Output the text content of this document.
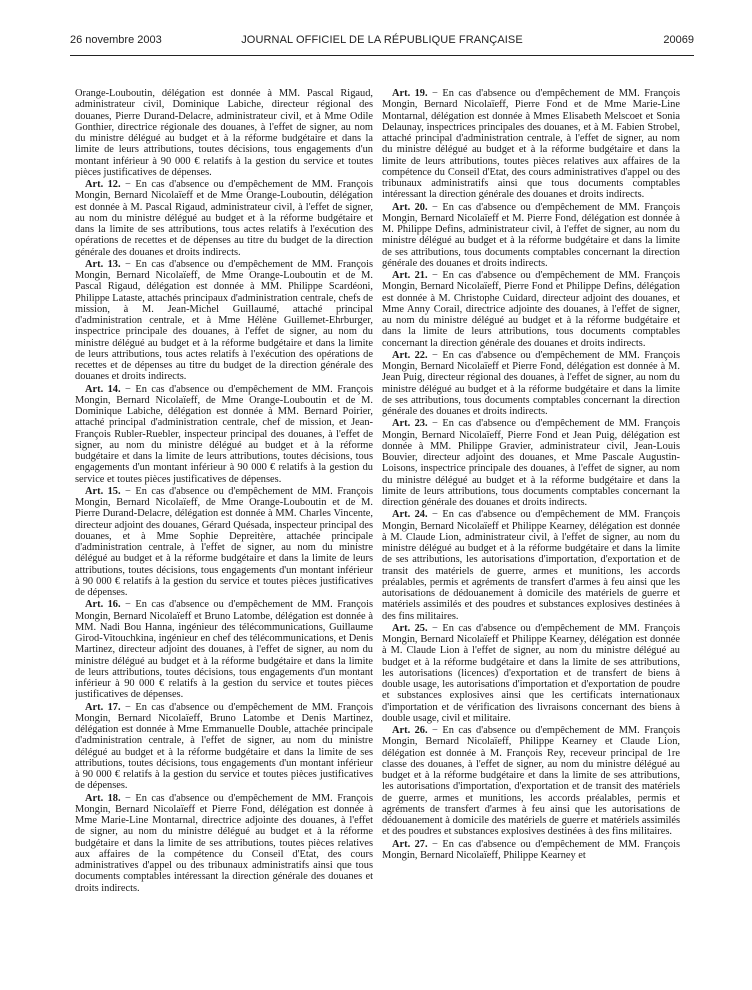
26 novembre 2003	JOURNAL OFFICIEL DE LA RÉPUBLIQUE FRANÇAISE	20069

Orange-Louboutin, délégation est donnée à MM. Pascal Rigaud, administrateur civil, Dominique Labiche, directeur régional des douanes, Pierre Durand-Delacre, administrateur civil, et à Mme Odile Gonthier, directrice régionale des douanes, à l'effet de signer, au nom du ministre délégué au budget et à la réforme budgétaire et dans la limite de leurs attributions, toutes décisions, tous engagements d'un montant inférieur à 90 000 € relatifs à la gestion du service et toutes pièces justificatives de dépenses.

Art. 12. − En cas d'absence ou d'empêchement de MM. François Mongin, Bernard Nicolaïeff et de Mme Orange-Louboutin, délégation est donnée à M. Pascal Rigaud, administrateur civil, à l'effet de signer, au nom du ministre délégué au budget et à la réforme budgétaire et dans la limite de ses attributions, tous actes relatifs à l'exécution des opérations de recettes et de dépenses au titre du budget de la direction générale des douanes et droits indirects.

Art. 13. − En cas d'absence ou d'empêchement de MM. François Mongin, Bernard Nicolaïeff, de Mme Orange-Louboutin et de M. Pascal Rigaud, délégation est donnée à MM. Philippe Scardéoni, Philippe Lataste, attachés principaux d'administration centrale, chefs de mission, à M. Jean-Michel Guillaumé, attaché principal d'administration centrale, et à Mme Hélène Guillemet-Ehrburger, inspectrice principale des douanes, à l'effet de signer, au nom du ministre délégué au budget et à la réforme budgétaire et dans la limite de leurs attributions, tous actes relatifs à l'exécution des opérations de recettes et de dépenses au titre du budget de la direction générale des douanes et droits indirects.

Art. 14. − En cas d'absence ou d'empêchement de MM. François Mongin, Bernard Nicolaïeff, de Mme Orange-Louboutin et de M. Dominique Labiche, délégation est donnée à MM. Bernard Poirier, attaché principal d'administration centrale, chef de mission, et Jean-François Rubler-Ruebler, inspecteur principal des douanes, à l'effet de signer, au nom du ministre délégué au budget et à la réforme budgétaire et dans la limite de leurs attributions, toutes décisions, tous engagements d'un montant inférieur à 90 000 € relatifs à la gestion du service et toutes pièces justificatives de dépenses.

Art. 15. − En cas d'absence ou d'empêchement de MM. François Mongin, Bernard Nicolaïeff, de Mme Orange-Louboutin et de M. Pierre Durand-Delacre, délégation est donnée à MM. Charles Vincente, directeur adjoint des douanes, Gérard Quésada, inspecteur principal des douanes, et à Mme Sophie Depreitère, attachée principale d'administration centrale, à l'effet de signer, au nom du ministre délégué au budget et à la réforme budgétaire et dans la limite de leurs attributions, toutes décisions, tous engagements d'un montant inférieur à 90 000 € relatifs à la gestion du service et toutes pièces justificatives de dépenses.

Art. 16. − En cas d'absence ou d'empêchement de MM. François Mongin, Bernard Nicolaïeff et Bruno Latombe, délégation est donnée à MM. Nadi Bou Hanna, ingénieur des télécommunications, Guillaume Girod-Vitouchkina, ingénieur en chef des télécommunications, et Denis Martinez, directeur adjoint des douanes, à l'effet de signer, au nom du ministre délégué au budget et à la réforme budgétaire et dans la limite de leurs attributions, toutes décisions, tous engagements d'un montant inférieur à 90 000 € relatifs à la gestion du service et toutes pièces justificatives de dépenses.

Art. 17. − En cas d'absence ou d'empêchement de MM. François Mongin, Bernard Nicolaïeff, Bruno Latombe et Denis Martinez, délégation est donnée à Mme Emmanuelle Double, attachée principale d'administration centrale, à l'effet de signer, au nom du ministre délégué au budget et à la réforme budgétaire et dans la limite de ses attributions, toutes décisions, tous engagements d'un montant inférieur à 90 000 € relatifs à la gestion du service et toutes pièces justificatives de dépenses.

Art. 18. − En cas d'absence ou d'empêchement de MM. François Mongin, Bernard Nicolaïeff et Pierre Fond, délégation est donnée à Mme Marie-Line Montarnal, directrice adjointe des douanes, à l'effet de signer, au nom du ministre délégué au budget et à la réforme budgétaire et dans la limite de ses attributions, toutes pièces relatives aux affaires de la compétence du Conseil d'Etat, des cours administratives d'appel ou des tribunaux administratifs ainsi que tous documents comptables intéressant la direction générale des douanes et droits indirects.

Art. 19. − En cas d'absence ou d'empêchement de MM. François Mongin, Bernard Nicolaïeff, Pierre Fond et de Mme Marie-Line Montarnal, délégation est donnée à Mmes Elisabeth Melscoet et Sonia Delaunay, inspectrices principales des douanes, et à M. Fabien Strobel, attaché principal d'administration centrale, à l'effet de signer, au nom du ministre délégué au budget et à la réforme budgétaire et dans la limite de leurs attributions, toutes pièces relatives aux affaires de la compétence du Conseil d'Etat, des cours administratives d'appel ou des tribunaux administratifs ainsi que tous documents comptables intéressant la direction générale des douanes et droits indirects.

Art. 20. − En cas d'absence ou d'empêchement de MM. François Mongin, Bernard Nicolaïeff et M. Pierre Fond, délégation est donnée à M. Philippe Defins, administrateur civil, à l'effet de signer, au nom du ministre délégué au budget et à la réforme budgétaire et dans la limite de ses attributions, tous documents comptables concernant la direction générale des douanes et droits indirects.

Art. 21. − En cas d'absence ou d'empêchement de MM. François Mongin, Bernard Nicolaïeff, Pierre Fond et Philippe Defins, délégation est donnée à M. Christophe Cuidard, directeur adjoint des douanes, et Mme Anny Corail, directrice adjointe des douanes, à l'effet de signer, au nom du ministre délégué au budget et à la réforme budgétaire et dans la limite de leurs attributions, tous documents comptables concernant la direction générale des douanes et droits indirects.

Art. 22. − En cas d'absence ou d'empêchement de MM. François Mongin, Bernard Nicolaïeff et Pierre Fond, délégation est donnée à M. Jean Puig, directeur régional des douanes, à l'effet de signer, au nom du ministre délégué au budget et à la réforme budgétaire et dans la limite de ses attributions, tous documents comptables concernant la direction générale des douanes et droits indirects.

Art. 23. − En cas d'absence ou d'empêchement de MM. François Mongin, Bernard Nicolaïeff, Pierre Fond et Jean Puig, délégation est donnée à MM. Philippe Gravier, administrateur civil, Jean-Louis Bouvier, directeur adjoint des douanes, et Mme Pascale Augustin-Loisons, inspectrice principale des douanes, à l'effet de signer, au nom du ministre délégué au budget et à la réforme budgétaire et dans la limite de leurs attributions, tous documents comptables concernant la direction générale des douanes et droits indirects.

Art. 24. − En cas d'absence ou d'empêchement de MM. François Mongin, Bernard Nicolaïeff et Philippe Kearney, délégation est donnée à M. Claude Lion, administrateur civil, à l'effet de signer, au nom du ministre délégué au budget et à la réforme budgétaire et dans la limite de ses attributions, les autorisations d'importation, d'exportation et de transit des matériels de guerre, armes et munitions, les accords préalables, permis et agréments de transfert d'armes à feu ainsi que les autorisations de dédouanement à domicile des matériels de guerre et matériels assimilés et des poudres et substances explosives destinées à des fins militaires.

Art. 25. − En cas d'absence ou d'empêchement de MM. François Mongin, Bernard Nicolaïeff et Philippe Kearney, délégation est donnée à M. Claude Lion à l'effet de signer, au nom du ministre délégué au budget et à la réforme budgétaire et dans la limite de ses attributions, les autorisations (licences) d'exportation et de transfert de biens à double usage, les autorisations d'importation et d'exportation de poudre et substances explosives ainsi que les certificats internationaux d'importation et de vérification des livraisons concernant des biens à double usage, civil et militaire.

Art. 26. − En cas d'absence ou d'empêchement de MM. François Mongin, Bernard Nicolaïeff, Philippe Kearney et Claude Lion, délégation est donnée à M. François Rey, receveur principal de 1re classe des douanes, à l'effet de signer, au nom du ministre délégué au budget et à la réforme budgétaire et dans la limite de ses attributions, les autorisations d'importation, d'exportation et de transit des matériels de guerre, armes et munitions, les accords préalables, permis et agréments de transfert d'armes à feu ainsi que les autorisations de dédouanement à domicile des matériels de guerre et matériels assimilés et des poudres et substances explosives destinées à des fins militaires.

Art. 27. − En cas d'absence ou d'empêchement de MM. François Mongin, Bernard Nicolaïeff, Philippe Kearney et
